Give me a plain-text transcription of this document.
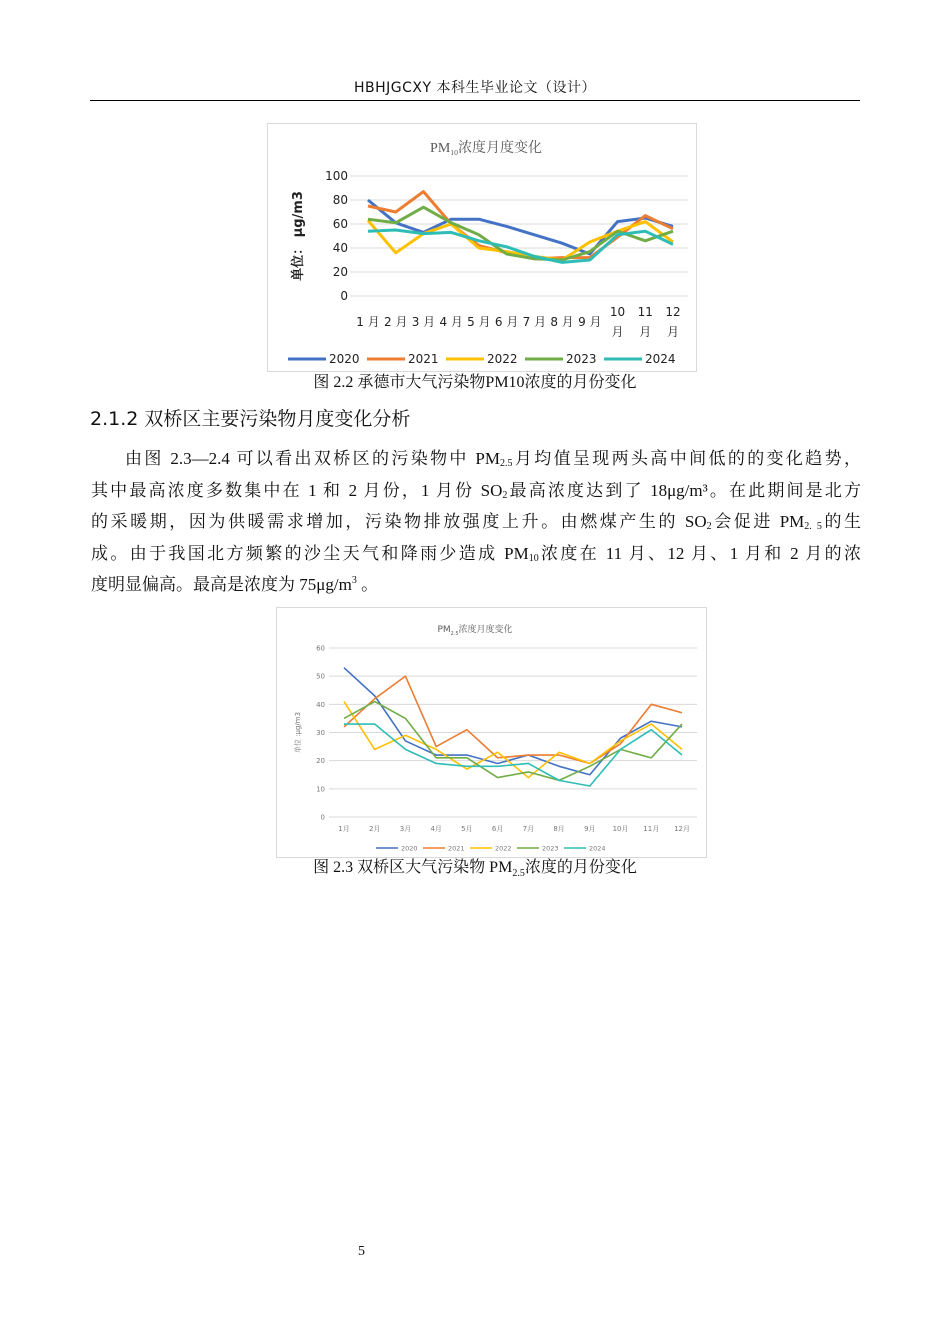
HBHJGCXY 本科生毕业论文（设计）
$PM_{10}$浓度月度变化
单位： μg/m3
0
20
40
60
80
100
1 月 2 月 3 月 4 月 5 月 6 月 7 月 8 月 9 月
10
月
11
月
12
月
2020	2021	2022	2023	2024
图 2.2 承德市大气污染物PM10浓度的月份变化
2.1.2 双桥区主要污染物月度变化分析
由图 2.3—2.4 可以看出双桥区的污染物中 $PM_{2.5}$月均值呈现两头高中间低的的变化趋势，
其中最高浓度多数集中在 1 和 2 月份，1 月份 $SO_2$最高浓度达到了 18μg/m³。在此期间是北方
的采暖期，因为供暖需求增加，污染物排放强度上升。由燃煤产生的 $SO_2$会促进 $PM_{2. 5}$的生
成。由于我国北方频繁的沙尘天气和降雨少造成 $PM_{10}$浓度在 11 月、12 月、1 月和 2 月的浓
度明显偏高。最高是浓度为 $75\mu g/m^3$ 。
$PM_{2.5}$浓度月度变化
单位 :μg/m3
0
10
20
30
40
50
60
1月	2月	3月	4月	5月	6月	7月	8月	9月 10月 11月 12月
2020	2021	2022	2023	2024
图 2.3 双桥区大气污染物 $PM_{2.5}$浓度的月份变化
5
